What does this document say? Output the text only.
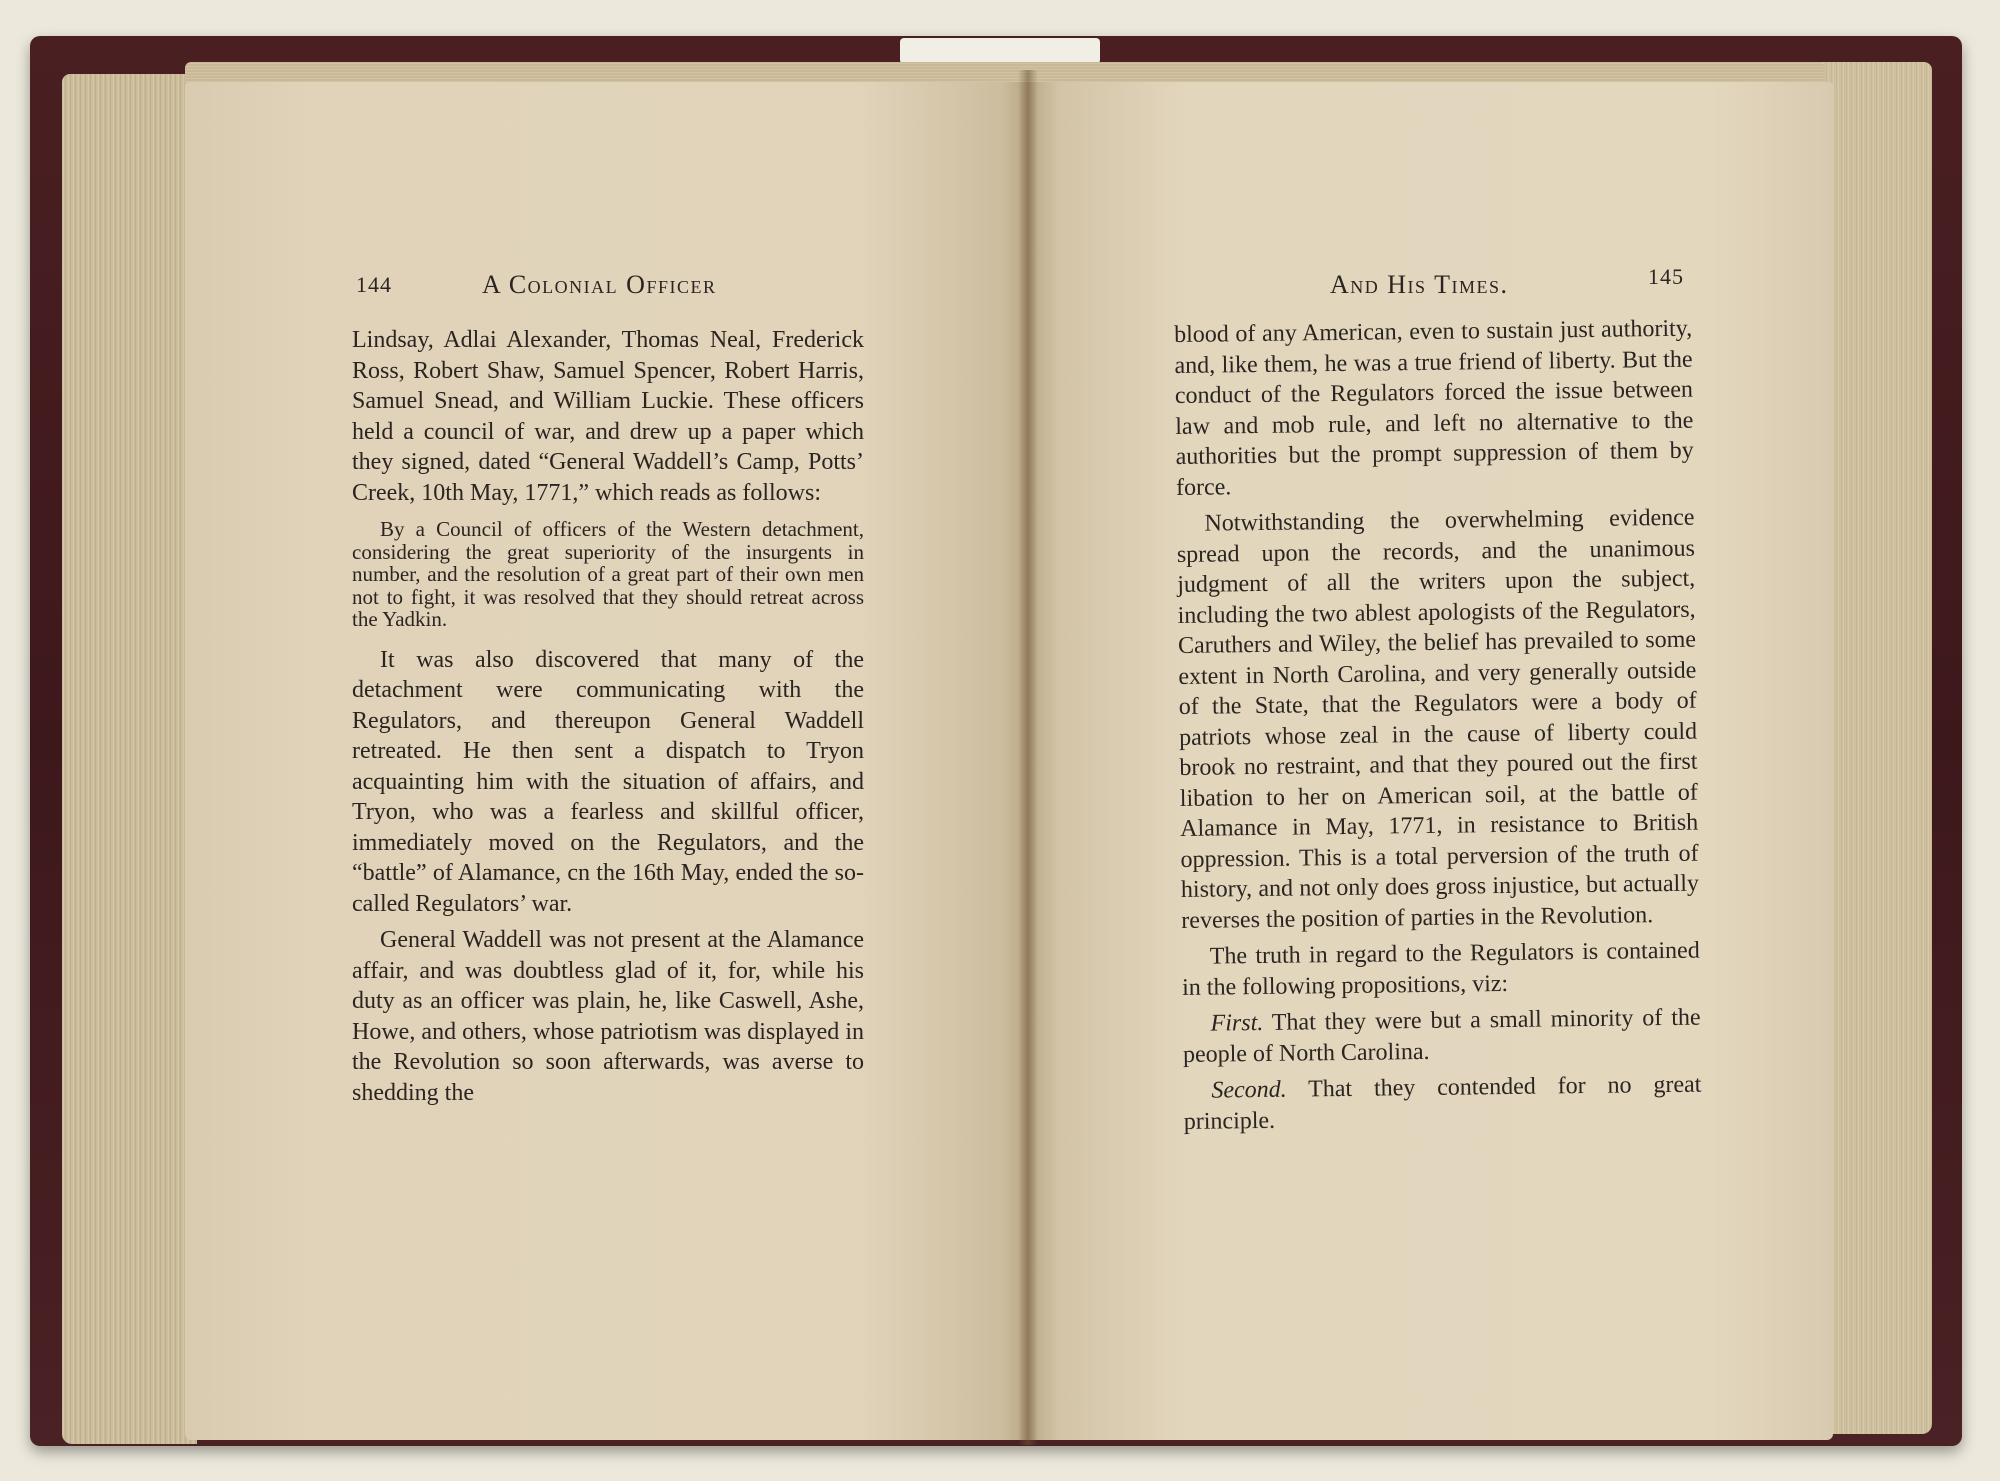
144	A Colonial Officer	And His Times.	145

Lindsay, Adlai Alexander, Thomas Neal, Frederick Ross, Robert Shaw, Samuel Spencer, Robert Harris, Samuel Snead, and William Luckie. These officers held a council of war, and drew up a paper which they signed, dated “General Waddell’s Camp, Potts’ Creek, 10th May, 1771,” which reads as follows:

By a Council of officers of the Western detachment, considering the great superiority of the insurgents in number, and the resolution of a great part of their own men not to fight, it was resolved that they should retreat across the Yadkin.

It was also discovered that many of the detachment were communicating with the Regulators, and thereupon General Waddell retreated. He then sent a dispatch to Tryon acquainting him with the situation of affairs, and Tryon, who was a fearless and skillful officer, immediately moved on the Regulators, and the “battle” of Alamance, cn the 16th May, ended the so-called Regulators’ war.

General Waddell was not present at the Alamance affair, and was doubtless glad of it, for, while his duty as an officer was plain, he, like Caswell, Ashe, Howe, and others, whose patriotism was displayed in the Revolution so soon afterwards, was averse to shedding the

blood of any American, even to sustain just authority, and, like them, he was a true friend of liberty. But the conduct of the Regulators forced the issue between law and mob rule, and left no alternative to the authorities but the prompt suppression of them by force.

Notwithstanding the overwhelming evidence spread upon the records, and the unanimous judgment of all the writers upon the subject, including the two ablest apologists of the Regulators, Caruthers and Wiley, the belief has prevailed to some extent in North Carolina, and very generally outside of the State, that the Regulators were a body of patriots whose zeal in the cause of liberty could brook no restraint, and that they poured out the first libation to her on American soil, at the battle of Alamance in May, 1771, in resistance to British oppression. This is a total perversion of the truth of history, and not only does gross injustice, but actually reverses the position of parties in the Revolution.

The truth in regard to the Regulators is contained in the following propositions, viz:

First. That they were but a small minority of the people of North Carolina.

Second. That they contended for no great principle.
